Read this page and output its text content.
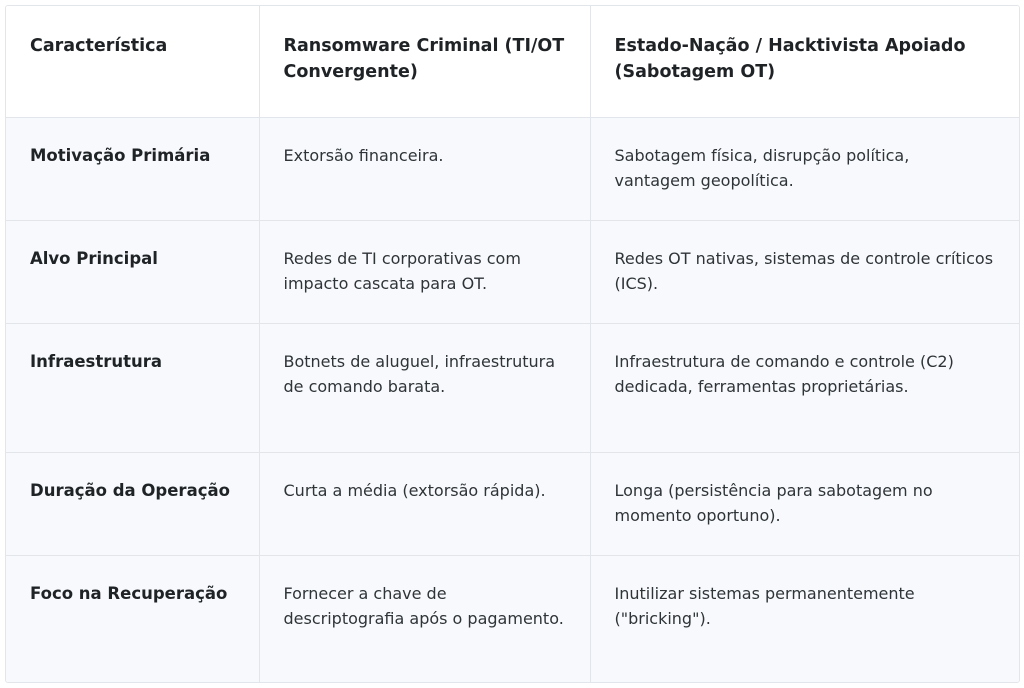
Característica	Ransomware Criminal (TI/OT Convergente)	Estado-Nação / Hacktivista Apoiado (Sabotagem OT)
Motivação Primária	Extorsão financeira.	Sabotagem física, disrupção política, vantagem geopolítica.
Alvo Principal	Redes de TI corporativas com impacto cascata para OT.	Redes OT nativas, sistemas de controle críticos (ICS).
Infraestrutura	Botnets de aluguel, infraestrutura de comando barata.	Infraestrutura de comando e controle (C2) dedicada, ferramentas proprietárias.
Duração da Operação	Curta a média (extorsão rápida).	Longa (persistência para sabotagem no momento oportuno).
Foco na Recuperação	Fornecer a chave de descriptografia após o pagamento.	Inutilizar sistemas permanentemente ("bricking").
